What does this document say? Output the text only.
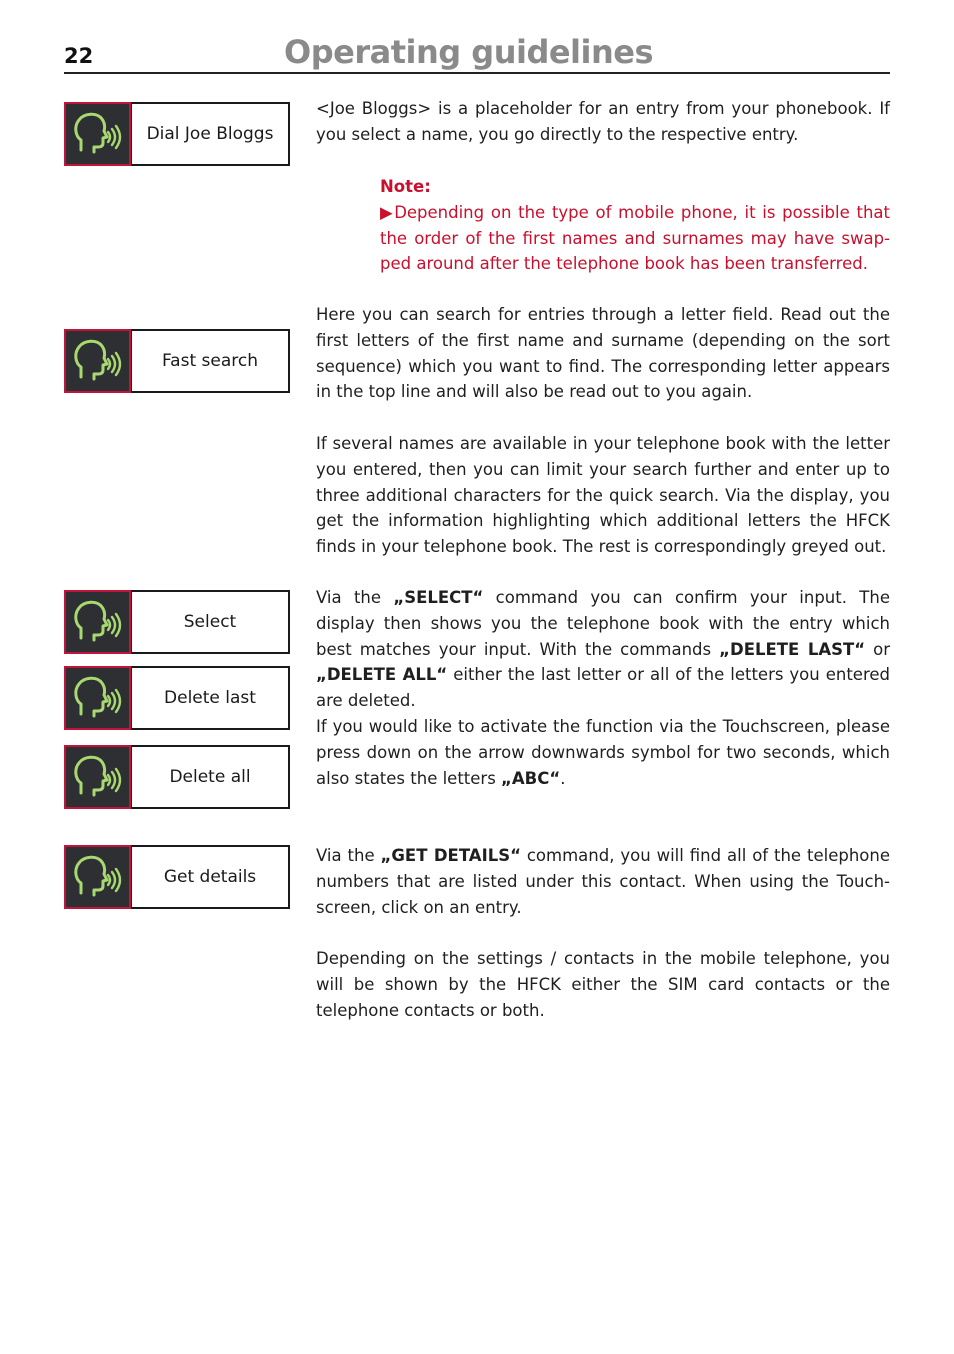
22	Operating guidelines
Dial Joe Bloggs
Fast search
Select
Delete last
Delete all
Get details

<Joe Bloggs> is a placeholder for an entry from your phonebook. If you select a name, you go directly to the respective entry.

Note:
▶Depending on the type of mobile phone, it is possible that the order of the first names and surnames may have swap-ped around after the telephone book has been transferred.

Here you can search for entries through a letter field. Read out the first letters of the first name and surname (depending on the sort sequence) which you want to find. The corresponding letter appears in the top line and will also be read out to you again.

If several names are available in your telephone book with the letter you entered, then you can limit your search further and enter up to three additional characters for the quick search. Via the display, you get the information highlighting which additional letters the HFCK finds in your telephone book. The rest is correspondingly greyed out.

Via the „SELECT“ command you can confirm your input. The display then shows you the telephone book with the entry which best matches your input. With the commands „DELETE LAST“ or „DELETE ALL“ either the last letter or all of the letters you entered are deleted.

If you would like to activate the function via the Touchscreen, please press down on the arrow downwards symbol for two seconds, which also states the letters „ABC“.

Via the „GET DETAILS“ command, you will find all of the telephone numbers that are listed under this contact. When using the Touch-screen, click on an entry.

Depending on the settings / contacts in the mobile telephone, you will be shown by the HFCK either the SIM card contacts or the telephone contacts or both.
